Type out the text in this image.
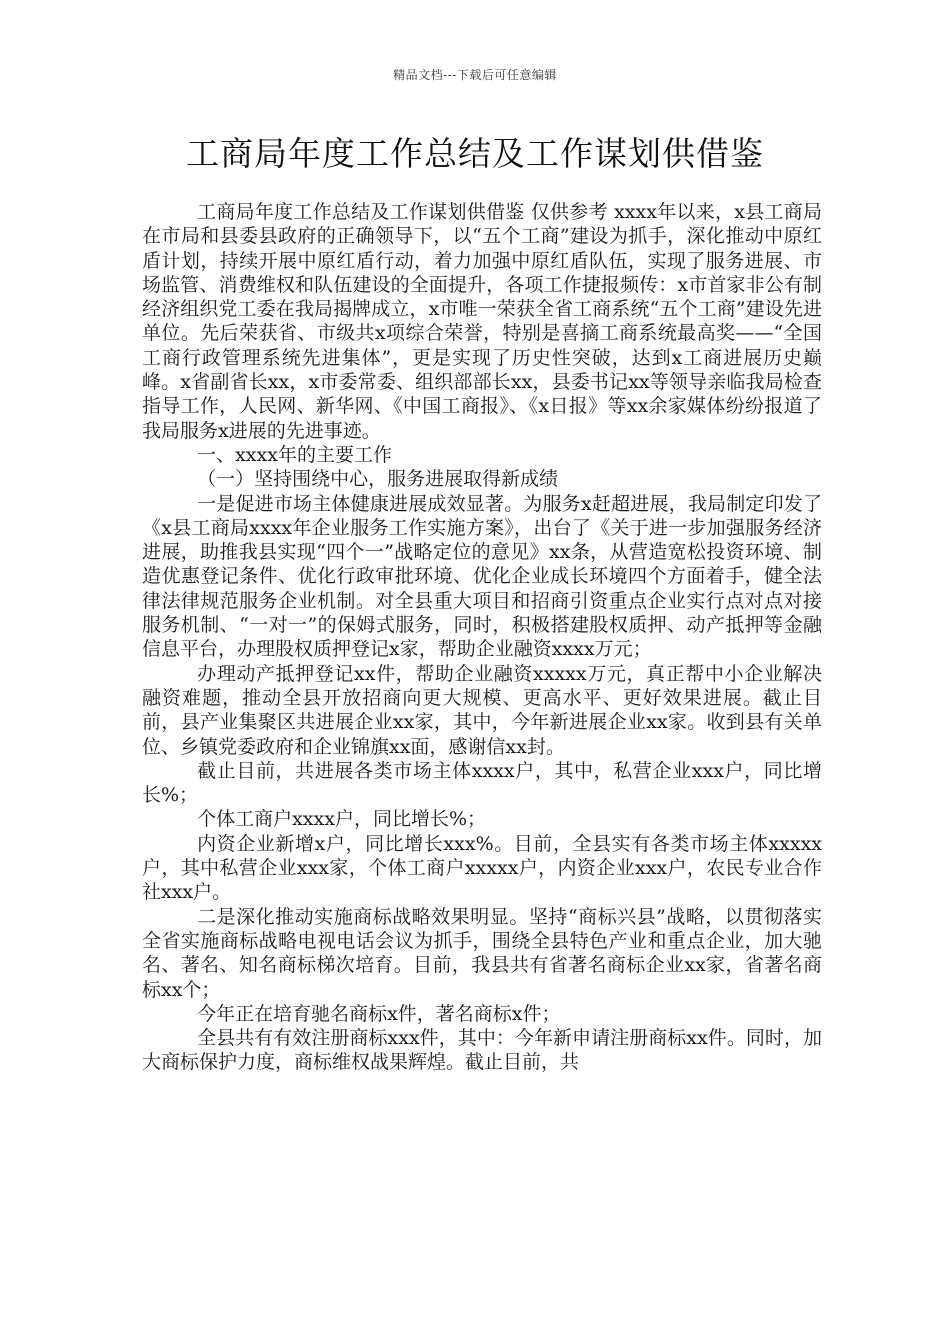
精品文档---下载后可任意编辑
工商局年度工作总结及工作谋划供借鉴

工商局年度工作总结及工作谋划供借鉴 仅供参考 xxxx年以来，x县工商局在市局和县委县政府的正确领导下，以“五个工商”建设为抓手，深化推动中原红盾计划，持续开展中原红盾行动，着力加强中原红盾队伍，实现了服务进展、市场监管、消费维权和队伍建设的全面提升，各项工作捷报频传：x市首家非公有制经济组织党工委在我局揭牌成立，x市唯一荣获全省工商系统“五个工商”建设先进单位。先后荣获省、市级共x项综合荣誉，特别是喜摘工商系统最高奖——“全国工商行政管理系统先进集体”，更是实现了历史性突破，达到x工商进展历史巅峰。x省副省长xx，x市委常委、组织部部长xx，县委书记xx等领导亲临我局检查指导工作，人民网、新华网、《中国工商报》、《x日报》等xx余家媒体纷纷报道了我局服务x进展的先进事迹。

一、xxxx年的主要工作

（一）坚持围绕中心，服务进展取得新成绩

一是促进市场主体健康进展成效显著。为服务x赶超进展，我局制定印发了《x县工商局xxxx年企业服务工作实施方案》，出台了《关于进一步加强服务经济进展，助推我县实现“四个一”战略定位的意见》xx条，从营造宽松投资环境、制造优惠登记条件、优化行政审批环境、优化企业成长环境四个方面着手，健全法律法律规范服务企业机制。对全县重大项目和招商引资重点企业实行点对点对接服务机制、“一对一”的保姆式服务，同时，积极搭建股权质押、动产抵押等金融信息平台，办理股权质押登记x家，帮助企业融资xxxx万元；

办理动产抵押登记xx件，帮助企业融资xxxxx万元，真正帮中小企业解决融资难题，推动全县开放招商向更大规模、更高水平、更好效果进展。截止目前，县产业集聚区共进展企业xx家，其中，今年新进展企业xx家。收到县有关单位、乡镇党委政府和企业锦旗xx面，感谢信xx封。

截止目前，共进展各类市场主体xxxx户，其中，私营企业xxx户，同比增长%；

个体工商户xxxx户，同比增长%；

内资企业新增x户，同比增长xxx%。目前，全县实有各类市场主体xxxxx户，其中私营企业xxx家，个体工商户xxxxx户，内资企业xxx户，农民专业合作社xxx户。

二是深化推动实施商标战略效果明显。坚持“商标兴县”战略，以贯彻落实全省实施商标战略电视电话会议为抓手，围绕全县特色产业和重点企业，加大驰名、著名、知名商标梯次培育。目前，我县共有省著名商标企业xx家，省著名商标xx个；

今年正在培育驰名商标x件，著名商标x件；

全县共有有效注册商标xxx件，其中：今年新申请注册商标xx件。同时，加大商标保护力度，商标维权战果辉煌。截止目前，共
